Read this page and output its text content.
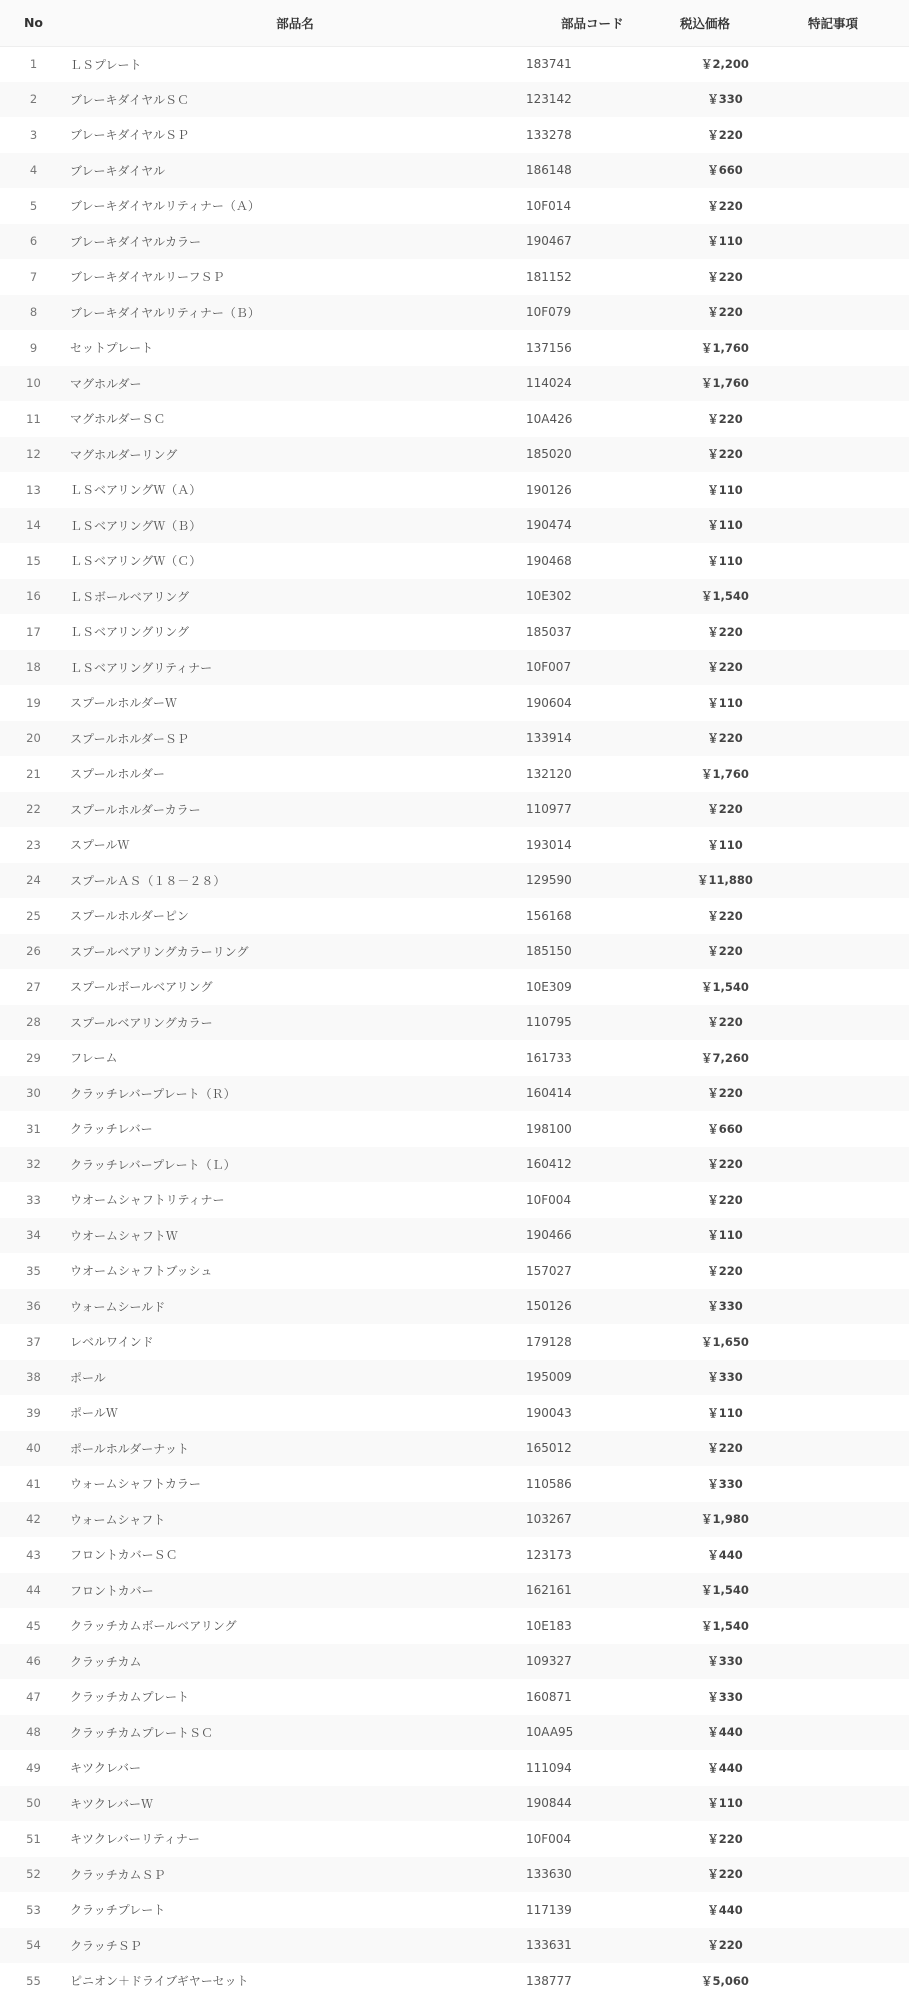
No	部品名	部品コード	税込価格	特記事項
1	ＬＳプレート	183741	￥2,200	
2	ブレーキダイヤルＳＣ	123142	￥330	
3	ブレーキダイヤルＳＰ	133278	￥220	
4	ブレーキダイヤル	186148	￥660	
5	ブレーキダイヤルリティナー（Ａ）	10F014	￥220	
6	ブレーキダイヤルカラー	190467	￥110	
7	ブレーキダイヤルリーフＳＰ	181152	￥220	
8	ブレーキダイヤルリティナー（Ｂ）	10F079	￥220	
9	セットプレート	137156	￥1,760	
10	マグホルダー	114024	￥1,760	
11	マグホルダーＳＣ	10A426	￥220	
12	マグホルダーリング	185020	￥220	
13	ＬＳベアリングＷ（Ａ）	190126	￥110	
14	ＬＳベアリングＷ（Ｂ）	190474	￥110	
15	ＬＳベアリングＷ（Ｃ）	190468	￥110	
16	ＬＳボールベアリング	10E302	￥1,540	
17	ＬＳベアリングリング	185037	￥220	
18	ＬＳベアリングリティナー	10F007	￥220	
19	スプールホルダーＷ	190604	￥110	
20	スプールホルダーＳＰ	133914	￥220	
21	スプールホルダー	132120	￥1,760	
22	スプールホルダーカラー	110977	￥220	
23	スプールＷ	193014	￥110	
24	スプールＡＳ（１８－２８）	129590	￥11,880	
25	スプールホルダーピン	156168	￥220	
26	スプールベアリングカラーリング	185150	￥220	
27	スプールボールベアリング	10E309	￥1,540	
28	スプールベアリングカラー	110795	￥220	
29	フレーム	161733	￥7,260	
30	クラッチレバープレート（Ｒ）	160414	￥220	
31	クラッチレバー	198100	￥660	
32	クラッチレバープレート（Ｌ）	160412	￥220	
33	ウオームシャフトリティナー	10F004	￥220	
34	ウオームシャフトＷ	190466	￥110	
35	ウオームシャフトブッシュ	157027	￥220	
36	ウォームシールド	150126	￥330	
37	レベルワインド	179128	￥1,650	
38	ポール	195009	￥330	
39	ポールＷ	190043	￥110	
40	ポールホルダーナット	165012	￥220	
41	ウォームシャフトカラー	110586	￥330	
42	ウォームシャフト	103267	￥1,980	
43	フロントカバーＳＣ	123173	￥440	
44	フロントカバー	162161	￥1,540	
45	クラッチカムボールベアリング	10E183	￥1,540	
46	クラッチカム	109327	￥330	
47	クラッチカムプレート	160871	￥330	
48	クラッチカムプレートＳＣ	10AA95	￥440	
49	キツクレバー	111094	￥440	
50	キツクレバーＷ	190844	￥110	
51	キツクレバーリティナー	10F004	￥220	
52	クラッチカムＳＰ	133630	￥220	
53	クラッチプレート	117139	￥440	
54	クラッチＳＰ	133631	￥220	
55	ピニオン＋ドライブギヤーセット	138777	￥5,060	
